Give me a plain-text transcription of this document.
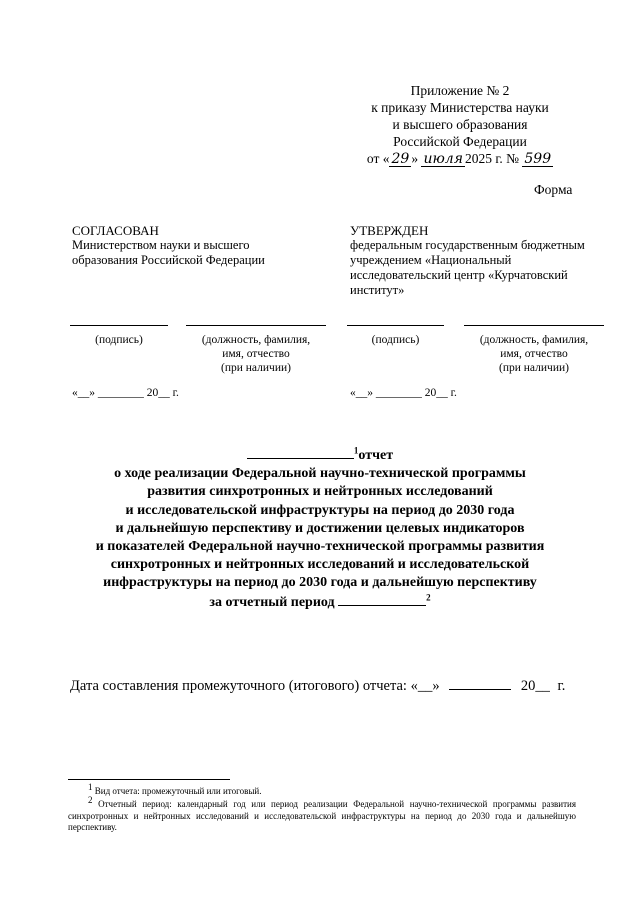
Приложение № 2
к приказу Министерства науки
и высшего образования
Российской Федерации
от « 29 » июля 2025 г. № 599
Форма
СОГЛАСОВАН
Министерством науки и высшего
образования Российской Федерации
УТВЕРЖДЕН
федеральным государственным бюджетным
учреждением «Национальный
исследовательский центр «Курчатовский
институт»
(подпись)	(должность, фамилия,
имя, отчество
(при наличии)
(подпись)	(должность, фамилия,
имя, отчество
(при наличии)
«__» ________ 20__ г.	«__» ________ 20__ г.
$^1$отчет
о ходе реализации Федеральной научно-технической программы
развития синхротронных и нейтронных исследований
и исследовательской инфраструктуры на период до 2030 года
и дальнейшую перспективу и достижении целевых индикаторов
и показателей Федеральной научно-технической программы развития
синхротронных и нейтронных исследований и исследовательской
инфраструктуры на период до 2030 года и дальнейшую перспективу
за отчетный период	$^2$
Дата составления промежуточного (итогового) отчета: «__»	20__ г.
$^1$ Вид отчета: промежуточный или итоговый.
$^2$ Отчетный период: календарный год или период реализации Федеральной научно-технической программы развития синхротронных и нейтронных исследований и исследовательской инфраструктуры на период до 2030 года и дальнейшую перспективу.
